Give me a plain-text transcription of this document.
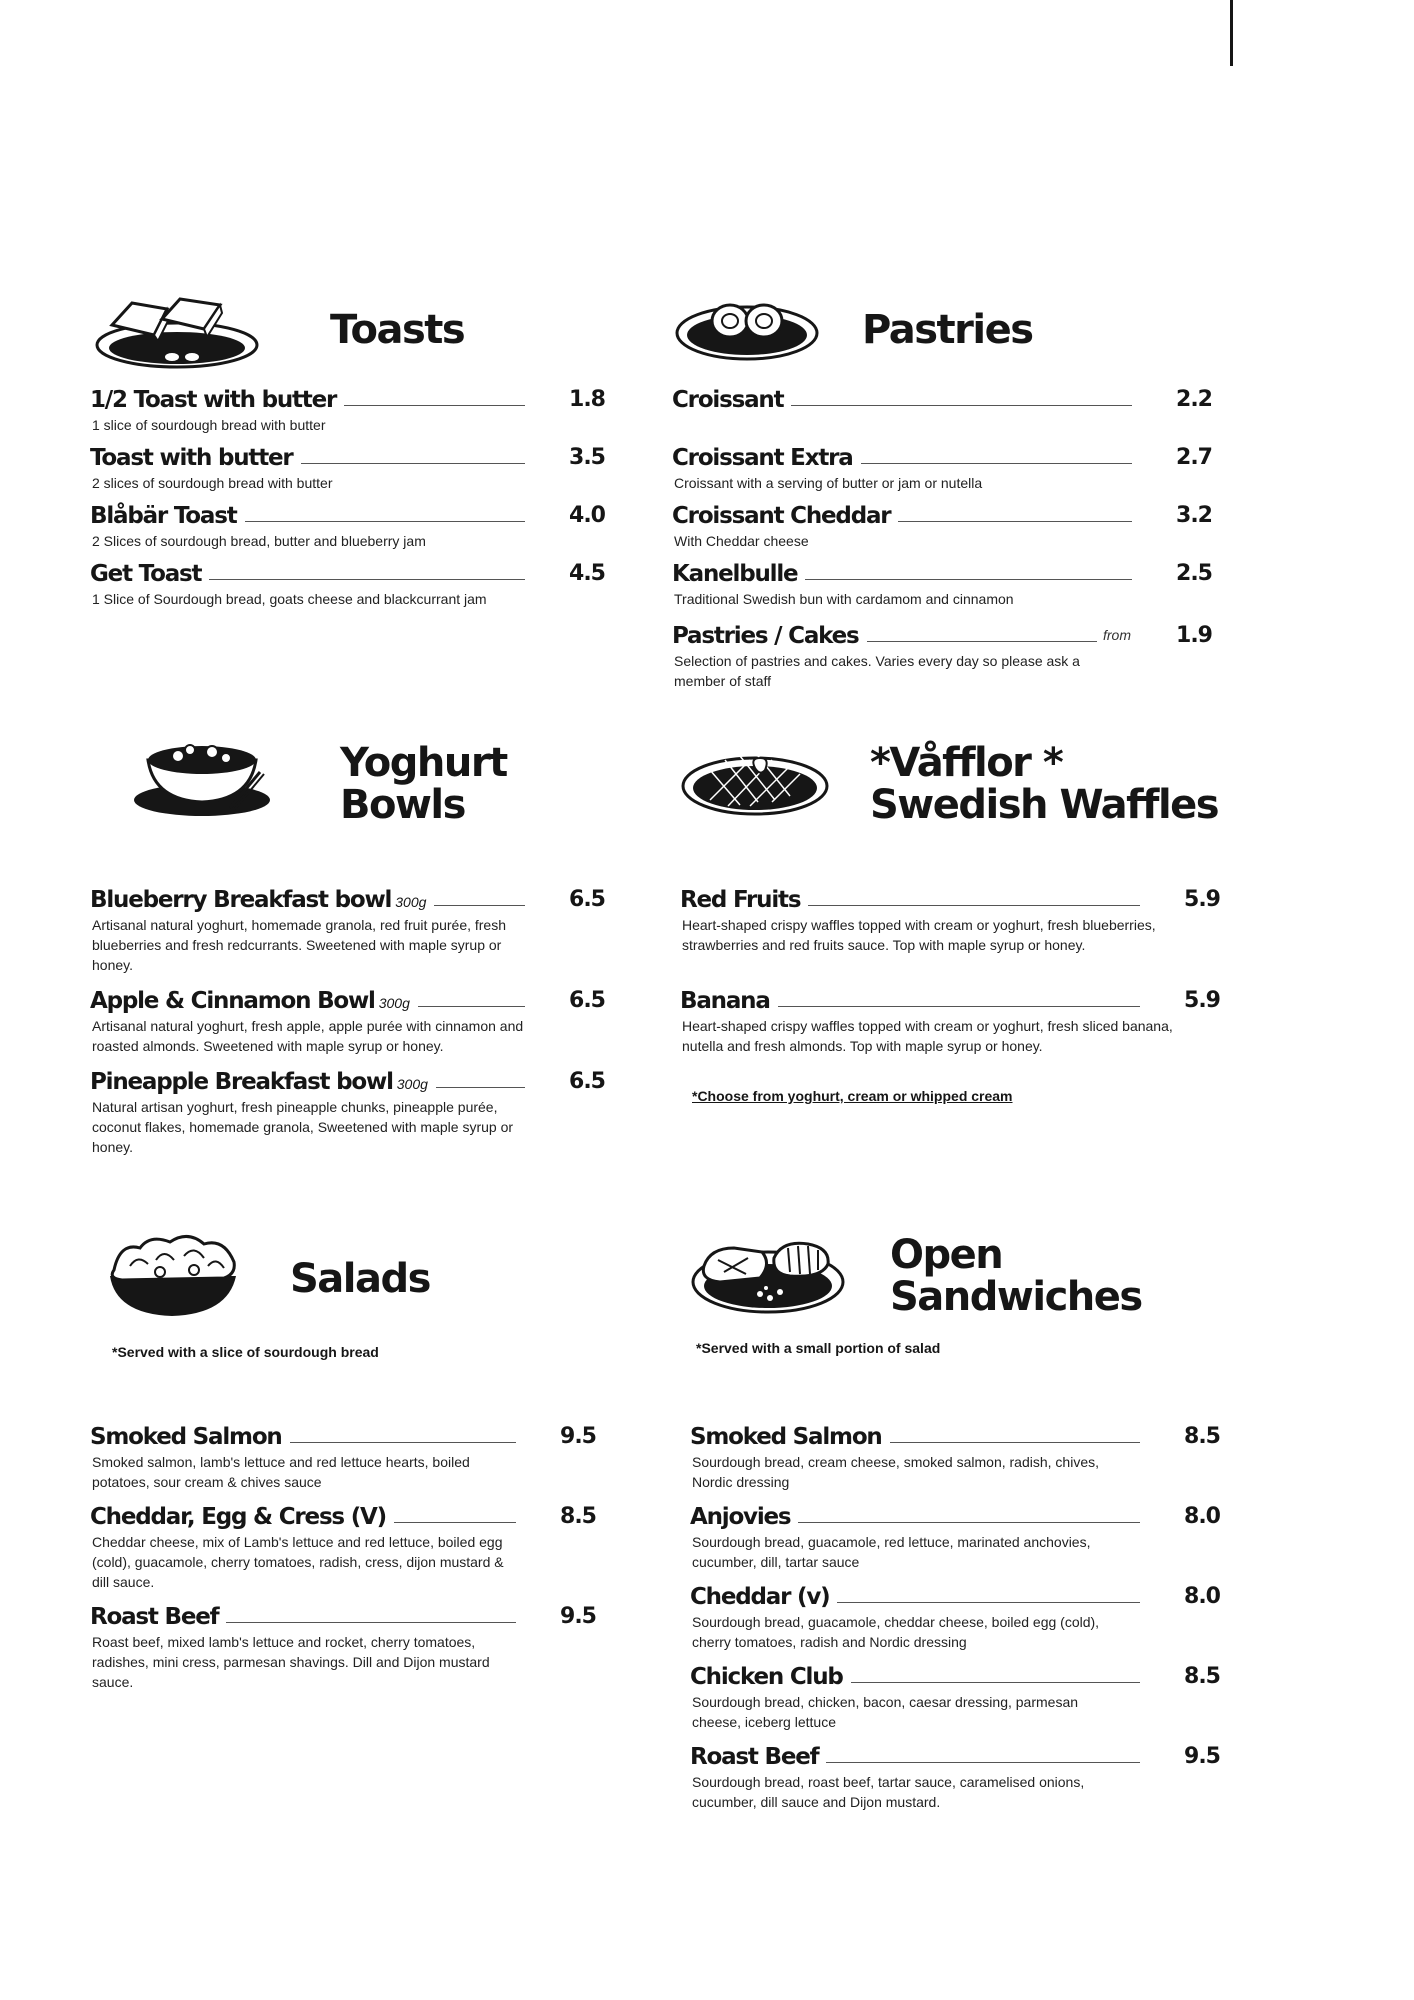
Toasts
1/2 Toast with butter	1.8
1 slice of sourdough bread with butter
Toast with butter	3.5
2 slices of sourdough bread with butter
Blåbär Toast	4.0
2 Slices of sourdough bread, butter and blueberry jam
Get Toast	4.5
1 Slice of Sourdough bread, goats cheese and blackcurrant jam
Pastries
Croissant	2.2
Croissant Extra	2.7
Croissant with a serving of butter or jam or nutella
Croissant Cheddar	3.2
With Cheddar cheese
Kanelbulle	2.5
Traditional Swedish bun with cardamom and cinnamon
Pastries / Cakes	from	1.9
Selection of pastries and cakes. Varies every day so please ask a member of staff
Yoghurt
Bowls
Blueberry Breakfast bowl 300g	6.5
Artisanal natural yoghurt, homemade granola, red fruit purée, fresh blueberries and fresh redcurrants. Sweetened with maple syrup or honey.
Apple & Cinnamon Bowl 300g	6.5
Artisanal natural yoghurt, fresh apple, apple purée with cinnamon and roasted almonds. Sweetened with maple syrup or honey.
Pineapple Breakfast bowl 300g	6.5
Natural artisan yoghurt, fresh pineapple chunks, pineapple purée, coconut flakes, homemade granola, Sweetened with maple syrup or honey.
*Våfflor *
Swedish Waffles
Red Fruits	5.9
Heart-shaped crispy waffles topped with cream or yoghurt, fresh blueberries, strawberries and red fruits sauce. Top with maple syrup or honey.
Banana	5.9
Heart-shaped crispy waffles topped with cream or yoghurt, fresh sliced banana, nutella and fresh almonds. Top with maple syrup or honey.
*Choose from yoghurt, cream or whipped cream
Salads
*Served with a slice of sourdough bread
Smoked Salmon	9.5
Smoked salmon, lamb's lettuce and red lettuce hearts, boiled potatoes, sour cream & chives sauce
Cheddar, Egg & Cress (V)	8.5
Cheddar cheese, mix of Lamb's lettuce and red lettuce, boiled egg (cold), guacamole, cherry tomatoes, radish, cress, dijon mustard & dill sauce.
Roast Beef	9.5
Roast beef, mixed lamb's lettuce and rocket, cherry tomatoes, radishes, mini cress, parmesan shavings. Dill and Dijon mustard sauce.
Open
Sandwiches
*Served with a small portion of salad
Smoked Salmon	8.5
Sourdough bread, cream cheese, smoked salmon, radish, chives, Nordic dressing
Anjovies	8.0
Sourdough bread, guacamole, red lettuce, marinated anchovies, cucumber, dill, tartar sauce
Cheddar (v)	8.0
Sourdough bread, guacamole, cheddar cheese, boiled egg (cold), cherry tomatoes, radish and Nordic dressing
Chicken Club	8.5
Sourdough bread, chicken, bacon, caesar dressing, parmesan cheese, iceberg lettuce
Roast Beef	9.5
Sourdough bread, roast beef, tartar sauce, caramelised onions, cucumber, dill sauce and Dijon mustard.
